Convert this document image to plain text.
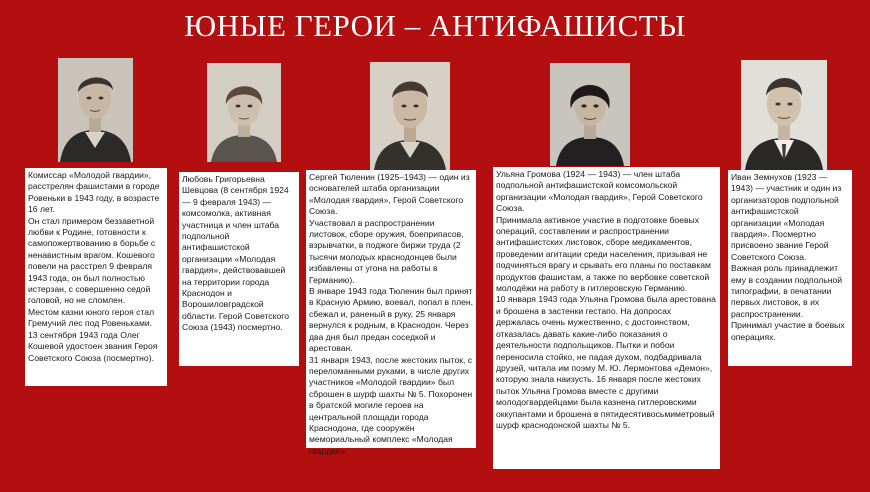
ЮНЫЕ ГЕРОИ – АНТИФАШИСТЫ

Комиссар «Молодой гвардии», расстрелян фашистами в городе Ровеньки в 1943 году, в возрасте 16 лет.

Он стал примером беззаветной любви к Родине, готовности к самопожертвованию в борьбе с ненавистным врагом. Кошевого повели на расстрел 9 февраля 1943 года, он был полностью истерзан, с совершенно седой головой, но не сломлен.

Местом казни юного героя стал Гремучий лес под Ровеньками.

13 сентября 1943 года Олег Кошевой удостоен звания Героя Советского Союза (посмертно).

Любовь Григорьевна Шевцова (8 сентября 1924 — 9 февраля 1943) — комсомолка, активная участница и член штаба подпольной антифашистской организации «Молодая гвардия», действовавшей на территории города Краснодон и Ворошиловградской области. Герой Советского Союза (1943) посмертно.

Сергей Тюленин (1925–1943) — один из основателей штаба организации «Молодая гвардия», Герой Советского Союза.

Участвовал в распространении листовок, сборе оружия, боеприпасов, взрывчатки, в поджоге биржи труда (2 тысячи молодых краснодонцев были избавлены от угона на работы в Германию).

В январе 1943 года Тюленин был принят в Красную Армию, воевал, попал в плен, сбежал и, раненый в руку, 25 января вернулся к родным, в Краснодон. Через два дня был предан соседкой и арестован.

31 января 1943, после жестоких пыток, с переломанными руками, в числе других участников «Молодой гвардии» был сброшен в шурф шахты № 5. Похоронен в братской могиле героев на центральной площади города Краснодона, где сооружён мемориальный комплекс «Молодая гвардия».

Ульяна Громова (1924 — 1943) — член штаба подпольной антифашистской комсомольской организации «Молодая гвардия», Герой Советского Союза.

Принимала активное участие в подготовке боевых операций, составлении и распространении антифашистских листовок, сборе медикаментов, проведении агитации среди населения, призывая не подчиняться врагу и срывать его планы по поставкам продуктов фашистам, а также по вербовке советской молодёжи на работу в гитлеровскую Германию.

10 января 1943 года Ульяна Громова была арестована и брошена в застенки гестапо. На допросах держалась очень мужественно, с достоинством, отказалась давать какие-либо показания о деятельности подпольщиков. Пытки и побои переносила стойко, не падая духом, подбадривала друзей, читала им поэму М. Ю. Лермонтова «Демон», которую знала наизусть. 16 января после жестоких пыток Ульяна Громова вместе с другими молодогвардейцами была казнена гитлеровскими оккупантами и брошена в пятидесятивосьмиметровый шурф краснодонской шахты № 5.

Иван Земнухов (1923 — 1943) — участник и один из организаторов подпольной антифашистской организации «Молодая гвардия». Посмертно присвоено звание Герой Советского Союза.

Важная роль принадлежит ему в создании подпольной типографии, в печатании первых листовок, в их распространении.

Принимал участие в боевых операциях.
